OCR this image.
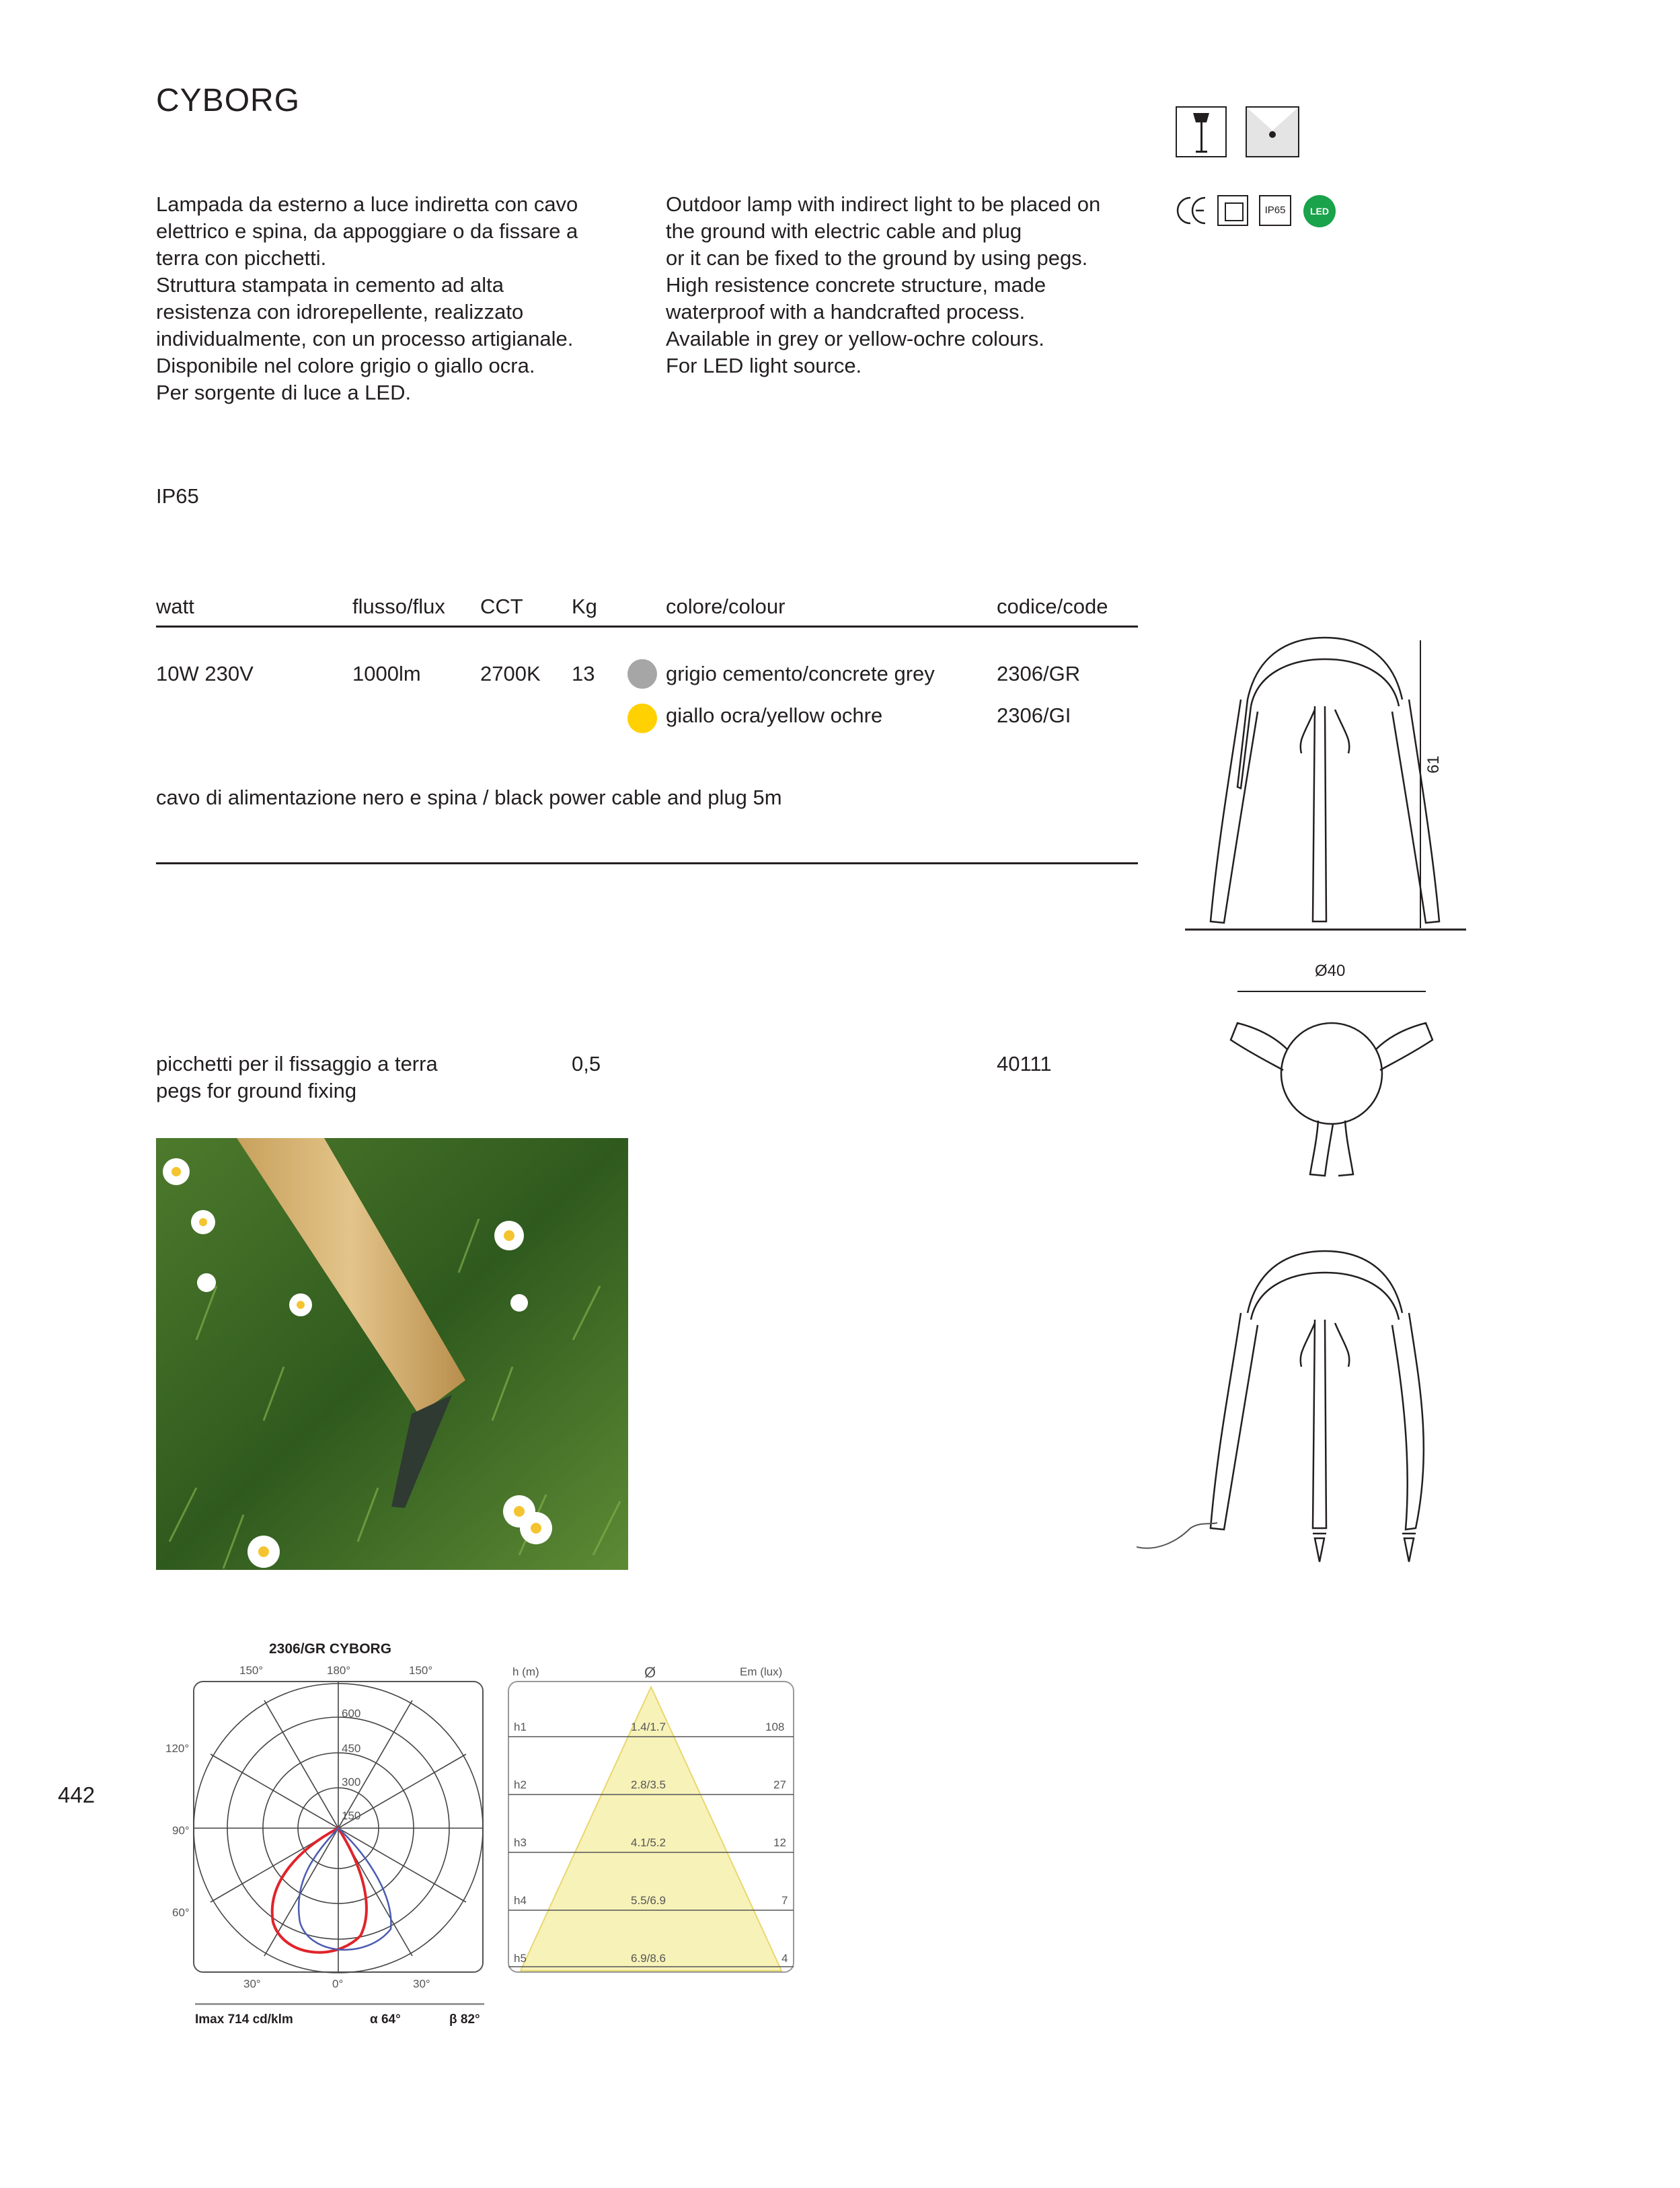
CYBORG
IP65	LED
Lampada da esterno a luce indiretta con cavo
elettrico e spina, da appoggiare o da fissare a
terra con picchetti.
Struttura stampata in cemento ad alta
resistenza con idrorepellente, realizzato
individualmente, con un processo artigianale.
Disponibile nel colore grigio o giallo ocra.
Per sorgente di luce a LED.
Outdoor lamp with indirect light to be placed on
the ground with electric cable and plug
or it can be fixed to the ground by using pegs.
High resistence concrete structure, made
waterproof with a handcrafted process.
Available in grey or yellow-ochre colours.
For LED light source.
IP65
watt	flusso/flux CCT Kg	colore/colour	codice/code
10W 230V	1000lm	2700K 13	grigio cemento/concrete grey	2306/GR
giallo ocra/yellow ochre	2306/GI
cavo di alimentazione nero e spina / black power cable and plug 5m
picchetti per il fissaggio a terra
pegs for ground fixing
0,5	40111
61
Ø40
442
2306/GR CYBORG
600
450
300
150
150°	180°	150°
120°
90°
60°
30°	0°	30°
Imax 714 cd/klm	α 64°	β 82°
h1	1.4/1.7	108
h2	2.8/3.5	27
h3	4.1/5.2	12
h4	5.5/6.9	7
h5	6.9/8.6	4
h (m)	Ø	Em (lux)
